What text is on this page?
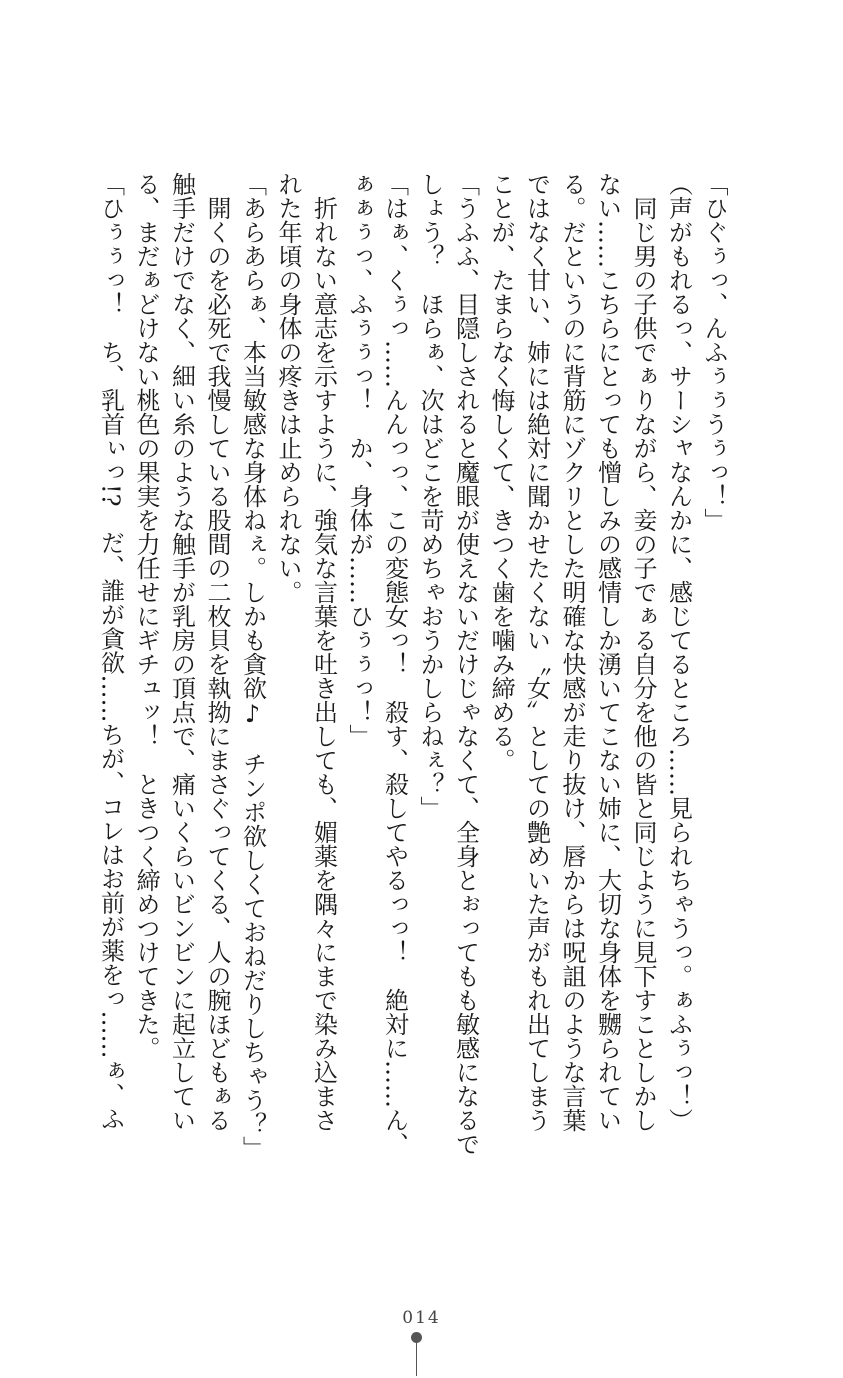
「ひぐぅっ、んふぅぅうぅっ！」
（声がもれるっ、サーシャなんかに、感じてるところ……見られちゃうっ。ぁふぅっ！）
　同じ男の子供でぁりながら、妾の子でぁる自分を他の皆と同じように見下すことしかし
ない……こちらにとっても憎しみの感情しか湧いてこない姉に、大切な身体を嬲られてい
る。だというのに背筋にゾクリとした明確な快感が走り抜け、唇からは呪詛のような言葉
ではなく甘い、姉には絶対に聞かせたくない〝女〟としての艶めいた声がもれ出てしまう
ことが、たまらなく悔しくて、きつく歯を噛み締める。
「うふふ、目隠しされると魔眼が使えないだけじゃなくて、全身とぉってもも敏感になるで
しょう？　ほらぁ、次はどこを苛めちゃおうかしらねぇ？」
「はぁ、くぅっ……んんっっ、この変態女っ！　殺す、殺してやるっっ！　絶対に……ん、
ぁぁぅっ、ふぅぅっ！　か、身体が……ひぅぅっ！」
　折れない意志を示すように、強気な言葉を吐き出しても、媚薬を隅々にまで染み込まさ
れた年頃の身体の疼きは止められない。
「あらあらぁ、本当敏感な身体ねぇ。しかも貪欲♪　チンポ欲しくておねだりしちゃう？」
　開くのを必死で我慢している股間の二枚貝を執拗にまさぐってくる、人の腕ほどもぁる
触手だけでなく、細い糸のような触手が乳房の頂点で、痛いくらいビンビンに起立してい
る、まだぁどけない桃色の果実を力任せにギチュッ！　ときつく締めつけてきた。
「ひぅぅっ！　ち、乳首ぃっ!?　だ、誰が貪欲……ちが、コレはお前が薬をっ……ぁ、ふ
014
